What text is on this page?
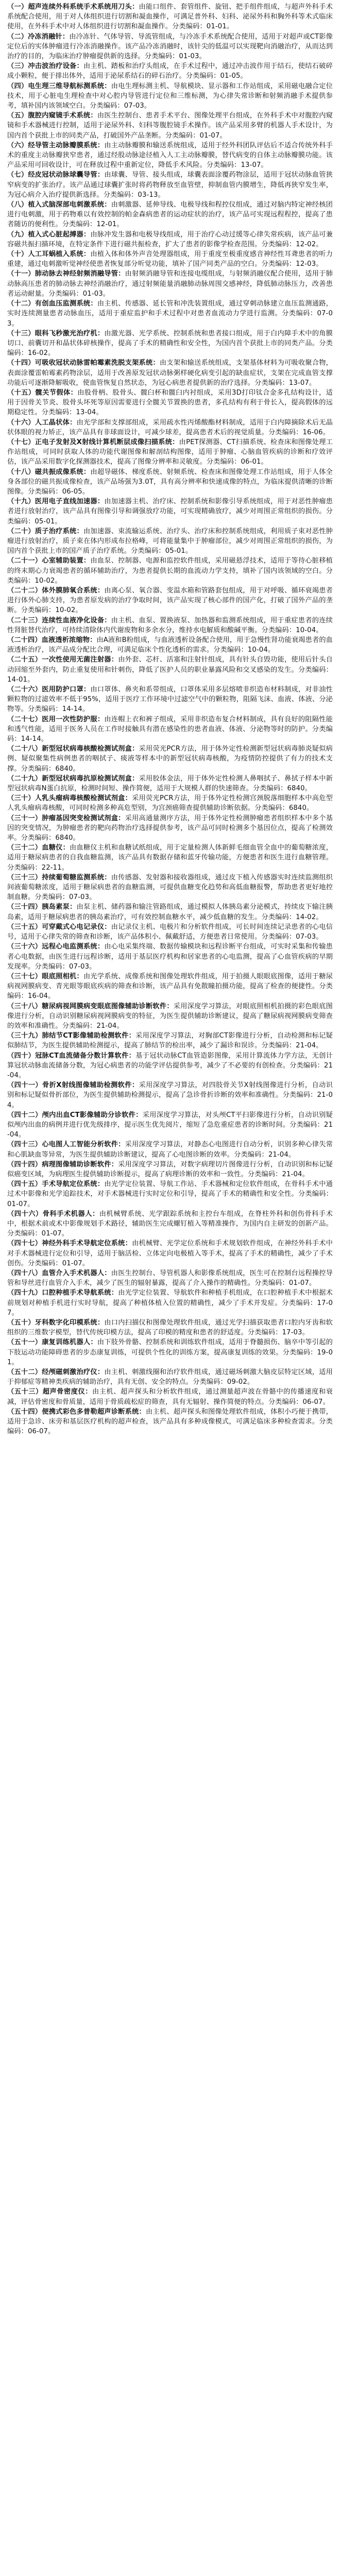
（一）超声连续外科系统手术系统用刀头：由能口组件、套管组件、旋钮、把手组件组成，与超声外科手术系统配合使用，用于对人体组织进行切割和凝血操作，可满足普外科、妇科、泌尿外科和胸外科等术式临床使用，在外科手术中对人体组织进行切割和凝血操作。分类编码：01-01。

（二）冷冻消融针：由冷冻针、气体导管、导流管组成，与冷冻手术系统配合使用，适用于对超声或CT影像定位后的实体肿瘤进行冷冻消融操作。该产品冷冻消融时，该针尖的低温可以实现靶向消融治疗，从而达到治疗的目的，为临床治疗肿瘤提供新的选择。分类编码：01-03。

（三）冲击波治疗设备：由主机、踏板和治疗头组成，在手术过程中，通过冲击波作用于结石，使结石破碎成小颗粒，便于排出体外，适用于泌尿系结石的碎石治疗。分类编码：01-05。

（四）电生理三维导航标测系统：由电生理标测主机、导航模块、显示器和工作站组成，采用磁电融合定位技术，用于心脏电生理检查中对心腔内导管进行定位和三维标测，为心律失常诊断和射频消融手术提供参考，填补国内该领域空白。分类编码：07-03。

（五）腹腔内窥镜手术系统：由医生控制台、患者手术平台、图像处理平台组成，在外科手术中对腹腔内窥镜和手术器械进行控制，适用于泌尿外科、妇科等腹腔镜手术操作。该产品采用多臂的机器人手术设计，为国内首个获批上市的同类产品，打破国外产品垄断。分类编码：01-07。

（六）经导管主动脉瓣膜系统：由主动脉瓣膜和输送系统组成，适用于经外科团队评估后不适合传统外科手术的重度主动脉瓣狭窄患者，通过经股动脉途径植入人工主动脉瓣膜，替代病变的自体主动脉瓣膜功能。该产品采用可回收设计，可在释放过程中重新定位，降低手术风险。分类编码：13-07。

（七）经皮冠状动脉球囊导管：由球囊、导管、接头组成，球囊表面涂覆药物涂层，适用于冠状动脉血管狭窄病变的扩张治疗。该产品通过球囊扩张时将药物释放至血管壁，抑制血管内膜增生，降低再狭窄发生率，为冠心病介入治疗提供新选择。分类编码：03-13。

（八）植入式脑深部电刺激系统：由刺激器、延伸导线、电极导线和程控仪组成，通过对脑内特定神经核团进行电刺激，用于药物难以有效控制的帕金森病患者的运动症状的治疗，该产品可实现远程程控，提高了患者随访的便利性。分类编码：12-01。

（九）植入式心脏起搏器：由脉冲发生器和电极导线组成，用于治疗心动过缓等心律失常疾病，该产品可兼容磁共振扫描环境，在特定条件下进行磁共振检查，扩大了患者的影像学检查范围。分类编码：12-02。

（十）人工耳蜗植入系统：由植入体和体外声音处理器组成，用于重度至极重度感音神经性耳聋患者的听力重建，通过电刺激听觉神经使患者恢复部分听觉功能，填补了国产同类产品的空白。分类编码：12-03。

（十一）肺动脉去神经射频消融导管：由射频消融导管和连接电缆组成，与射频消融仪配合使用，适用于肺动脉高压患者的肺动脉去神经消融治疗，通过射频能量消融肺动脉周围交感神经，降低肺动脉压力，改善患者运动耐量。分类编码：01-03。

（十二）有创血压监测系统：由主机、传感器、延长管和冲洗装置组成，通过穿刺动脉建立血压监测通路，实时连续测量患者动脉血压，适用于重症监护和手术过程中对患者血流动力学进行监测。分类编码：07-03。

（十三）眼科飞秒激光治疗机：由激光器、光学系统、控制系统和患者接口组成，用于白内障手术中的角膜切口、前囊切开和晶状体碎核操作，提高了手术的精确性和安全性，为国内首个获批上市的同类产品。分类编码：16-02。

（十四）可吸收冠状动脉雷帕霉素洗脱支架系统：由支架和输送系统组成，支架基体材料为可吸收聚合物，表面涂覆雷帕霉素药物涂层，适用于改善原发冠状动脉粥样硬化病变引起的缺血症状，支架在完成血管支撑功能后可逐渐降解吸收，使血管恢复自然状态，为冠心病患者提供新的治疗选择。分类编码：13-07。

（十五）髋关节假体：由股骨柄、股骨头、髋臼杯和髋臼内衬组成，采用3D打印钛合金多孔结构设计，适用于因骨关节炎、股骨头坏死等原因需要进行全髋关节置换的患者，多孔结构有利于骨长入，提高假体的远期稳定性。分类编码：13-04。

（十六）人工晶状体：由光学部和支撑部组成，采用疏水性丙烯酸酯材料制成，适用于白内障摘除术后无晶状体眼的视力矫正，该产品具有非球面设计，可减少球差，提高患者术后的视觉质量。分类编码：16-06。

（十七）正电子发射及X射线计算机断层成像扫描系统：由PET探测器、CT扫描系统、检查床和图像处理工作站组成，可同时获取人体的功能代谢图像和解剖结构图像，适用于肿瘤、心脑血管疾病的诊断和疗效评估，该产品采用数字化探测器技术，提高了图像分辨率和灵敏度。分类编码：06-01。

（十八）磁共振成像系统：由超导磁体、梯度系统、射频系统、检查床和图像处理工作站组成，用于人体全身各部位的磁共振成像检查，该产品场强为3.0T，具有高分辨率和快速成像的特点，为临床提供清晰的诊断图像。分类编码：06-05。

（十九）医用电子直线加速器：由加速器主机、治疗床、控制系统和影像引导系统组成，用于对恶性肿瘤患者进行放射治疗，该产品具有图像引导和调强放疗功能，可实现精确放疗，减少对周围正常组织的损伤。分类编码：05-01。

（二十）质子治疗系统：由加速器、束流输运系统、治疗头、治疗床和控制系统组成，利用质子束对恶性肿瘤进行放射治疗，质子束在体内形成布拉格峰，可将能量集中于肿瘤部位，减少对周围正常组织的损伤，为国内首个获批上市的国产质子治疗系统。分类编码：05-01。

（二十一）心室辅助装置：由血泵、控制器、电源和监控软件组成，采用磁悬浮技术，适用于等待心脏移植的终末期心力衰竭患者的循环辅助治疗，为患者提供长期的血流动力学支持，填补了国内该领域的空白。分类编码：10-02。

（二十二）体外膜肺氧合系统：由离心泵、氧合器、变温水箱和管路套包组成，用于对呼吸、循环衰竭患者进行体外心肺支持，为患者原发病的治疗争取时间，该产品实现了核心部件的国产化，打破了国外产品的垄断。分类编码：10-02。

（二十三）连续性血液净化设备：由主机、血泵、置换液泵、加热器和监测系统组成，用于重症患者的连续性肾脏替代治疗，可持续清除体内代谢废物和多余水分，维持水电解质和酸碱平衡。分类编码：10-04。

（二十四）血液透析浓缩物：由A液和B粉组成，与血液透析设备配合使用，用于急慢性肾功能衰竭患者的血液透析治疗，该产品成分配比合理，可满足临床个性化透析的需求。分类编码：10-04。

（二十五）一次性使用无菌注射器：由外套、芯杆、活塞和注射针组成，具有针头自毁功能，使用后针头自动回缩至外套内，防止重复使用和针刺伤，降低了医护人员的职业暴露风险和交叉感染的发生。分类编码：14-01。

（二十六）医用防护口罩：由口罩体、鼻夹和系带组成，口罩体采用多层熔喷非织造布材料制成，对非油性颗粒物的过滤效率不低于95%，适用于医疗工作环境中过滤空气中的颗粒物，阻隔飞沫、血液、体液、分泌物等。分类编码：14-14。

（二十七）医用一次性防护服：由连帽上衣和裤子组成，采用非织造布复合材料制成，具有良好的阻隔性能和透气性能，适用于医务人员在工作时接触具有潜在感染性的患者血液、体液、分泌物等时的防护。分类编码：14-14。

（二十八）新型冠状病毒核酸检测试剂盒：采用荧光PCR方法，用于体外定性检测新型冠状病毒肺炎疑似病例、疑似聚集性病例患者的咽拭子、痰液等样本中的新型冠状病毒核酸，为疫情防控提供了有力的技术支撑。分类编码：6840。

（二十九）新型冠状病毒抗原检测试剂盒：采用胶体金法，用于体外定性检测人鼻咽拭子、鼻拭子样本中新型冠状病毒N蛋白抗原，检测时间短、操作简便，适用于大规模人群的快速筛查。分类编码：6840。

（三十）人乳头瘤病毒核酸检测试剂盒：采用荧光PCR方法，用于体外定性检测宫颈脱落细胞样本中高危型人乳头瘤病毒核酸，可同时检测多种高危型别，为宫颈癌筛查提供辅助诊断依据。分类编码：6840。

（三十一）肿瘤基因突变检测试剂盒：采用高通量测序方法，用于体外定性检测肿瘤患者组织样本中多个基因的突变情况，为肿瘤患者的靶向药物治疗选择提供参考，该产品可同时检测多个基因位点，提高了检测效率。分类编码：6840。

（三十二）血糖仪：由血糖仪主机和血糖试纸组成，用于定量检测人体新鲜毛细血管全血中的葡萄糖浓度，适用于糖尿病患者的自我血糖监测，该产品具有数据存储和蓝牙传输功能，方便患者和医生进行血糖管理。分类编码：22-11。

（三十三）持续葡萄糖监测系统：由传感器、发射器和接收器组成，通过皮下植入传感器实时连续监测组织间液葡萄糖浓度，适用于糖尿病患者的血糖监测，可提供血糖变化趋势和高低血糖报警，帮助患者更好地控制血糖。分类编码：07-03。

（三十四）胰岛素泵：由泵主机、储药器和输注管路组成，通过模拟人体胰岛素分泌模式，持续皮下输注胰岛素，适用于糖尿病患者的胰岛素治疗，可有效控制血糖水平，减少低血糖的发生。分类编码：14-02。

（三十五）可穿戴式心电记录仪：由记录仪主机、电极片和分析软件组成，可长时间连续记录患者的心电信号，适用于心律失常的筛查和诊断，该产品体积小、佩戴舒适，方便患者日常使用。分类编码：07-03。

（三十六）远程心电监测系统：由心电采集终端、数据传输模块和远程诊断平台组成，可实时采集和传输患者心电数据，由医生进行远程诊断，适用于基层医疗机构和居家患者的心电监测，提高了心血管疾病的早期发现率。分类编码：07-03。

（三十七）眼底照相机：由光学系统、成像系统和图像处理软件组成，用于拍摄人眼眼底图像，适用于糖尿病视网膜病变、青光眼等眼底疾病的筛查和诊断，该产品具有免散瞳拍摄功能，提高了检查的便捷性。分类编码：16-04。

（三十八）糖尿病视网膜病变眼底图像辅助诊断软件：采用深度学习算法，对眼底照相机拍摄的彩色眼底图像进行分析，自动识别糖尿病视网膜病变的特征，为医生提供辅助诊断建议，提高了糖尿病视网膜病变筛查的效率和准确性。分类编码：21-04。

（三十九）肺结节CT影像辅助检测软件：采用深度学习算法，对胸部CT影像进行分析，自动检测和标记疑似肺结节，为医生提供辅助检测提示，提高了肺结节的检出率，减少了漏诊和误诊。分类编码：21-04。

（四十）冠脉CT血流储备分数计算软件：基于冠状动脉CT血管造影图像，采用计算流体力学方法，无创计算冠状动脉血流储备分数，为冠心病患者的功能学评估提供参考，减少了不必要的有创检查。分类编码：21-04。

（四十一）骨折X射线图像辅助检测软件：采用深度学习算法，对四肢骨关节X射线图像进行分析，自动识别和标记疑似骨折部位，为医生提供辅助检测提示，提高了急诊骨折诊断的效率和准确性。分类编码：21-04。

（四十二）颅内出血CT影像辅助分诊软件：采用深度学习算法，对头颅CT平扫影像进行分析，自动识别疑似颅内出血的病例并进行优先级排序，提示医生优先阅片，缩短了急危重症患者的诊断时间。分类编码：21-04。

（四十三）心电图人工智能分析软件：采用深度学习算法，对静态心电图进行自动分析，识别多种心律失常和心肌缺血等异常，为医生提供辅助诊断建议，提高了心电图诊断的效率。分类编码：21-04。

（四十四）病理图像辅助诊断软件：采用深度学习算法，对数字病理切片图像进行分析，自动识别和标记疑似癌变区域，为病理医生提供辅助诊断提示，提高了病理诊断的效率和一致性。分类编码：21-04。

（四十五）手术导航定位系统：由光学定位装置、导航工作站、手术器械和定位软件组成，在骨科手术中通过术中影像和光学追踪技术，对手术器械进行实时定位和引导，提高了手术的精确性和安全性。分类编码：01-07。

（四十六）骨科手术机器人：由机械臂系统、光学跟踪系统和主控台车组成，在脊柱外科和创伤骨科手术中，根据术前或术中影像规划手术路径，辅助医生完成螺钉植入等精准操作，为国内自主研发的创新产品。分类编码：01-07。

（四十七）神经外科手术导航定位系统：由机械臂、光学定位系统和手术规划软件组成，在神经外科手术中对手术器械进行定位和引导，适用于脑活检、立体定向电极植入等手术，提高了手术的精确性，减少了手术创伤。分类编码：01-07。

（四十八）血管介入手术机器人：由医生控制台、导管机器人和影像系统组成，医生可在控制台远程操控导管和导丝进行血管介入手术，减少了医生的辐射暴露，提高了介入操作的精确性。分类编码：01-07。

（四十九）口腔种植手术导航系统：由光学定位装置、导航软件和种植手机组成，在口腔种植手术中根据术前规划对种植手机进行实时导航，提高了种植体植入位置的精确性，减少了手术并发症。分类编码：17-07。

（五十）牙科数字化印模系统：由口内扫描仪和图像处理软件组成，通过光学扫描获取患者口腔内牙齿和软组织的三维数字模型，替代传统印模方法，提高了印模的精度和患者的舒适度。分类编码：17-03。

（五十一）康复训练机器人：由下肢外骨骼、控制系统和训练软件组成，适用于脊髓损伤、脑卒中等引起的下肢运动功能障碍患者的步态康复训练，可提供个性化的训练方案，提高康复训练的效果。分类编码：19-01。

（五十二）经颅磁刺激治疗仪：由主机、刺激线圈和治疗软件组成，通过磁场刺激大脑皮层特定区域，适用于抑郁症等精神类疾病的辅助治疗，具有无创、安全的特点。分类编码：09-02。

（五十三）超声骨密度仪：由主机、超声探头和分析软件组成，通过测量超声波在骨骼中的传播速度和衰减，评估骨密度和骨质量，适用于骨质疏松症的筛查，具有无辐射、操作简便的特点。分类编码：06-07。

（五十四）便携式彩色多普勒超声诊断系统：由主机、超声探头和图像处理软件组成，体积小巧便于携带，适用于急诊、床旁和基层医疗机构的超声检查，该产品具有多种成像模式，可满足临床多种检查需求。分类编码：06-07。
